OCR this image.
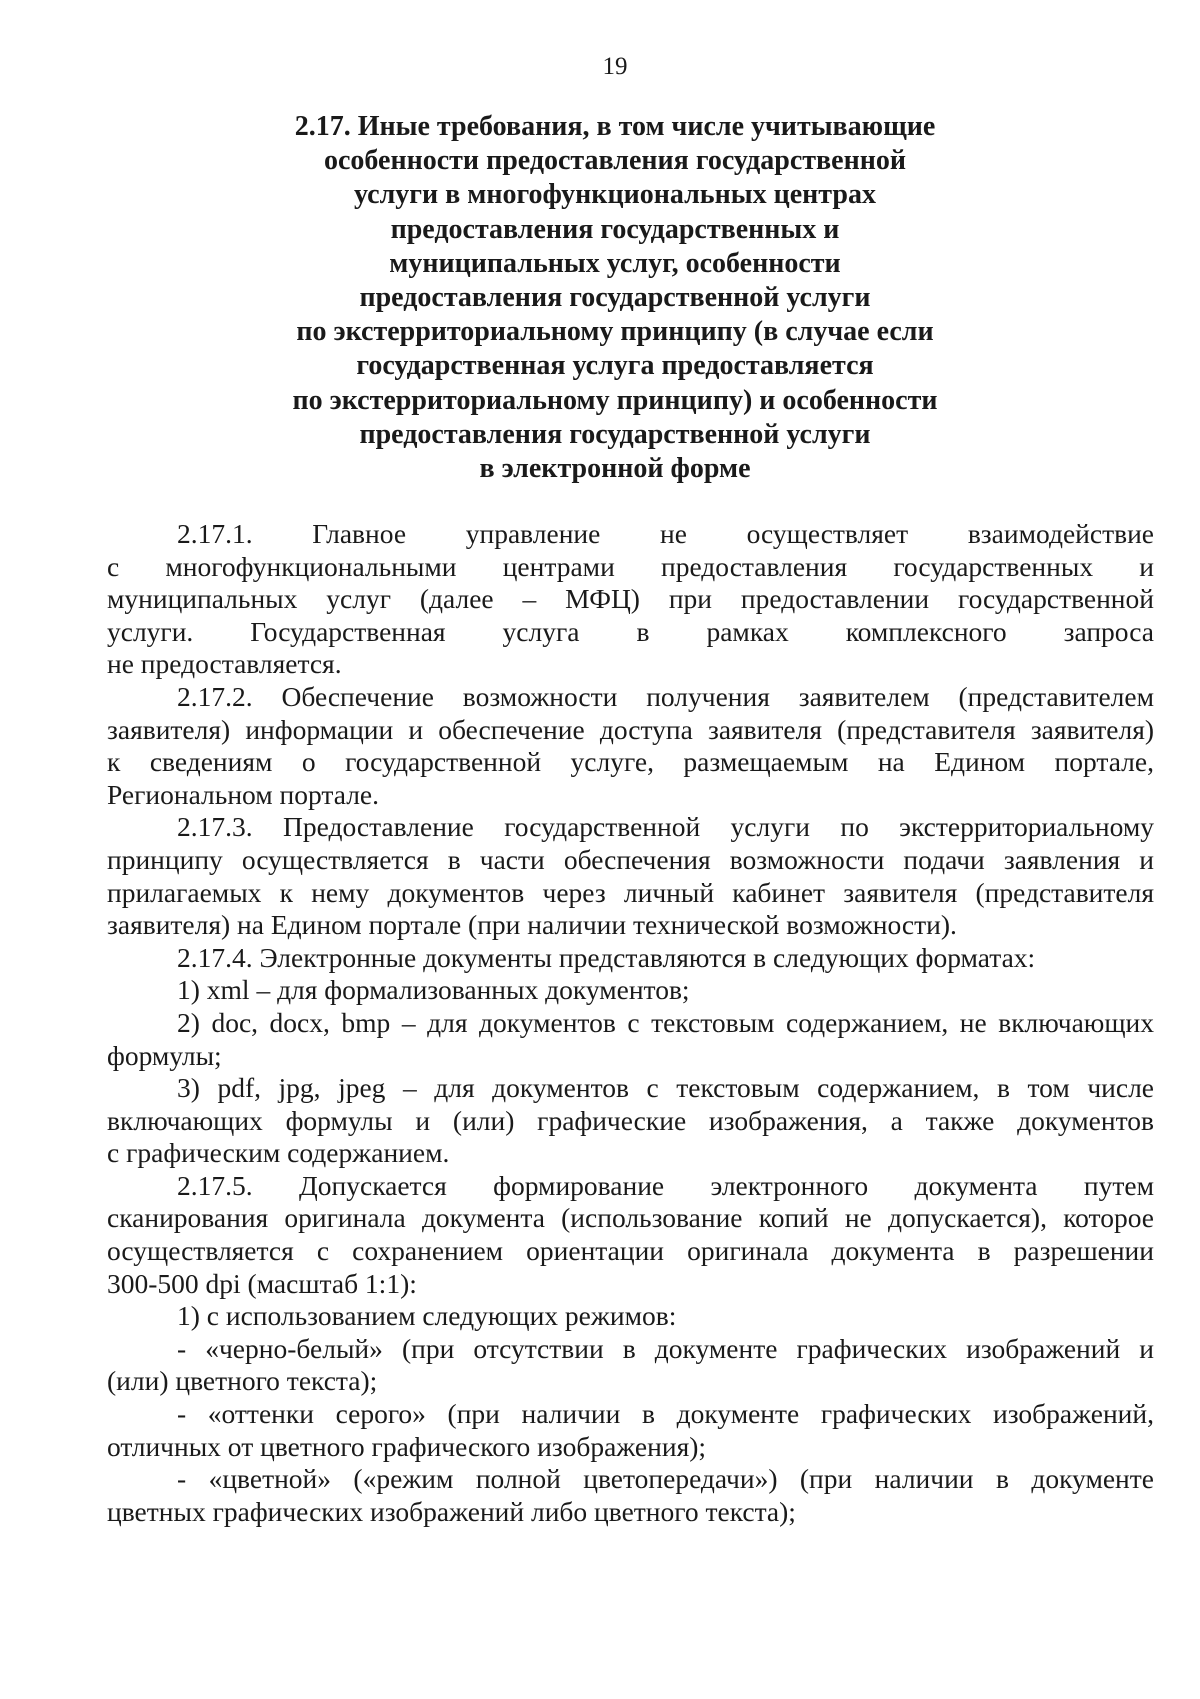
19
2.17. Иные требования, в том числе учитывающие
особенности предоставления государственной
услуги в многофункциональных центрах
предоставления государственных и
муниципальных услуг, особенности
предоставления государственной услуги
по экстерриториальному принципу (в случае если
государственная услуга предоставляется
по экстерриториальному принципу) и особенности
предоставления государственной услуги
в электронной форме
2.17.1. Главное управление не осуществляет взаимодействие
с многофункциональными центрами предоставления государственных и
муниципальных услуг (далее – МФЦ) при предоставлении государственной
услуги. Государственная услуга в рамках комплексного запроса
не предоставляется.
2.17.2. Обеспечение возможности получения заявителем (представителем
заявителя) информации и обеспечение доступа заявителя (представителя заявителя)
к сведениям о государственной услуге, размещаемым на Едином портале,
Региональном портале.
2.17.3. Предоставление государственной услуги по экстерриториальному
принципу осуществляется в части обеспечения возможности подачи заявления и
прилагаемых к нему документов через личный кабинет заявителя (представителя
заявителя) на Едином портале (при наличии технической возможности).
2.17.4. Электронные документы представляются в следующих форматах:
1) xml – для формализованных документов;
2) doc, docx, bmp – для документов с текстовым содержанием, не включающих
формулы;
3) pdf, jpg, jpeg – для документов с текстовым содержанием, в том числе
включающих формулы и (или) графические изображения, а также документов
с графическим содержанием.
2.17.5. Допускается формирование электронного документа путем
сканирования оригинала документа (использование копий не допускается), которое
осуществляется с сохранением ориентации оригинала документа в разрешении
300-500 dpi (масштаб 1:1):
1) с использованием следующих режимов:
- «черно-белый» (при отсутствии в документе графических изображений и
(или) цветного текста);
- «оттенки серого» (при наличии в документе графических изображений,
отличных от цветного графического изображения);
- «цветной» («режим полной цветопередачи») (при наличии в документе
цветных графических изображений либо цветного текста);
